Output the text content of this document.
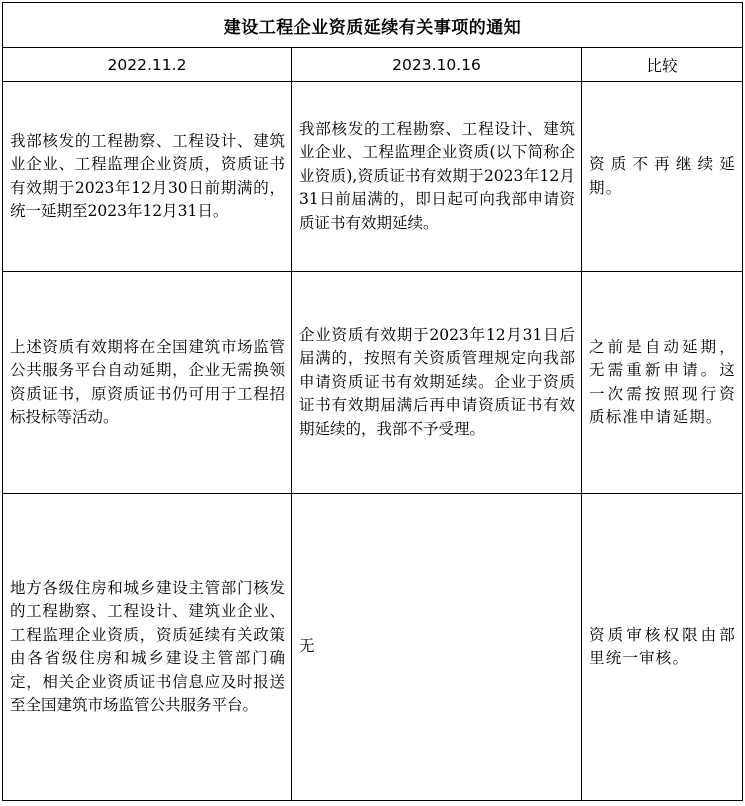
建设工程企业资质延续有关事项的通知		
2022.11.2	2023.10.16	比较
我部核发的工程勘察、工程设计、建筑业企业、工程监理企业资质，资质证书有效期于2023年12月30日前期满的，统一延期至2023年12月31日。	我部核发的工程勘察、工程设计、建筑业企业、工程监理企业资质(以下简称企业资质),资质证书有效期于2023年12月31日前届满的，即日起可向我部申请资质证书有效期延续。	资质不再继续延期。
上述资质有效期将在全国建筑市场监管公共服务平台自动延期，企业无需换领资质证书，原资质证书仍可用于工程招标投标等活动。	企业资质有效期于2023年12月31日后届满的，按照有关资质管理规定向我部申请资质证书有效期延续。企业于资质证书有效期届满后再申请资质证书有效期延续的，我部不予受理。	之前是自动延期，无需重新申请。这一次需按照现行资质标准申请延期。
地方各级住房和城乡建设主管部门核发的工程勘察、工程设计、建筑业企业、工程监理企业资质，资质延续有关政策由各省级住房和城乡建设主管部门确定，相关企业资质证书信息应及时报送至全国建筑市场监管公共服务平台。	无	资质审核权限由部里统一审核。
